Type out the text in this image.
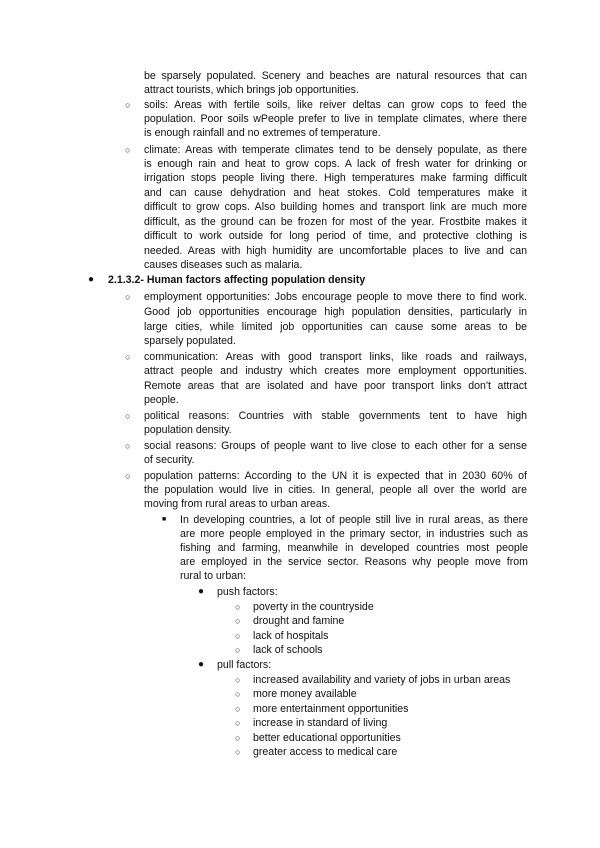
be sparsely populated. Scenery and beaches are natural resources that can
attract tourists, which brings job opportunities.
○ soils: Areas with fertile soils, like reiver deltas can grow cops to feed the
population. Poor soils wPeople prefer to live in template climates, where there
is enough rainfall and no extremes of temperature.
○ climate: Areas with temperate climates tend to be densely populate, as there
is enough rain and heat to grow cops. A lack of fresh water for drinking or
irrigation stops people living there. High temperatures make farming difficult
and can cause dehydration and heat stokes. Cold temperatures make it
difficult to grow cops. Also building homes and transport link are much more
difficult, as the ground can be frozen for most of the year. Frostbite makes it
difficult to work outside for long period of time, and protective clothing is
needed. Areas with high humidity are uncomfortable places to live and can
causes diseases such as malaria.
● 2.1.3.2- Human factors affecting population density
○ employment opportunities: Jobs encourage people to move there to find work.
Good job opportunities encourage high population densities, particularly in
large cities, while limited job opportunities can cause some areas to be
sparsely populated.
○ communication: Areas with good transport links, like roads and railways,
attract people and industry which creates more employment opportunities.
Remote areas that are isolated and have poor transport links don't attract
people.
○ political reasons: Countries with stable governments tent to have high
population density.
○ social reasons: Groups of people want to live close to each other for a sense
of security.
○ population patterns: According to the UN it is expected that in 2030 60% of
the population would live in cities. In general, people all over the world are
moving from rural areas to urban areas.
■ In developing countries, a lot of people still live in rural areas, as there
are more people employed in the primary sector, in industries such as
fishing and farming, meanwhile in developed countries most people
are employed in the service sector. Reasons why people move from
rural to urban:
● push factors:
○ poverty in the countryside
○ drought and famine
○ lack of hospitals
○ lack of schools
● pull factors:
○ increased availability and variety of jobs in urban areas
○ more money available
○ more entertainment opportunities
○ increase in standard of living
○ better educational opportunities
○ greater access to medical care
